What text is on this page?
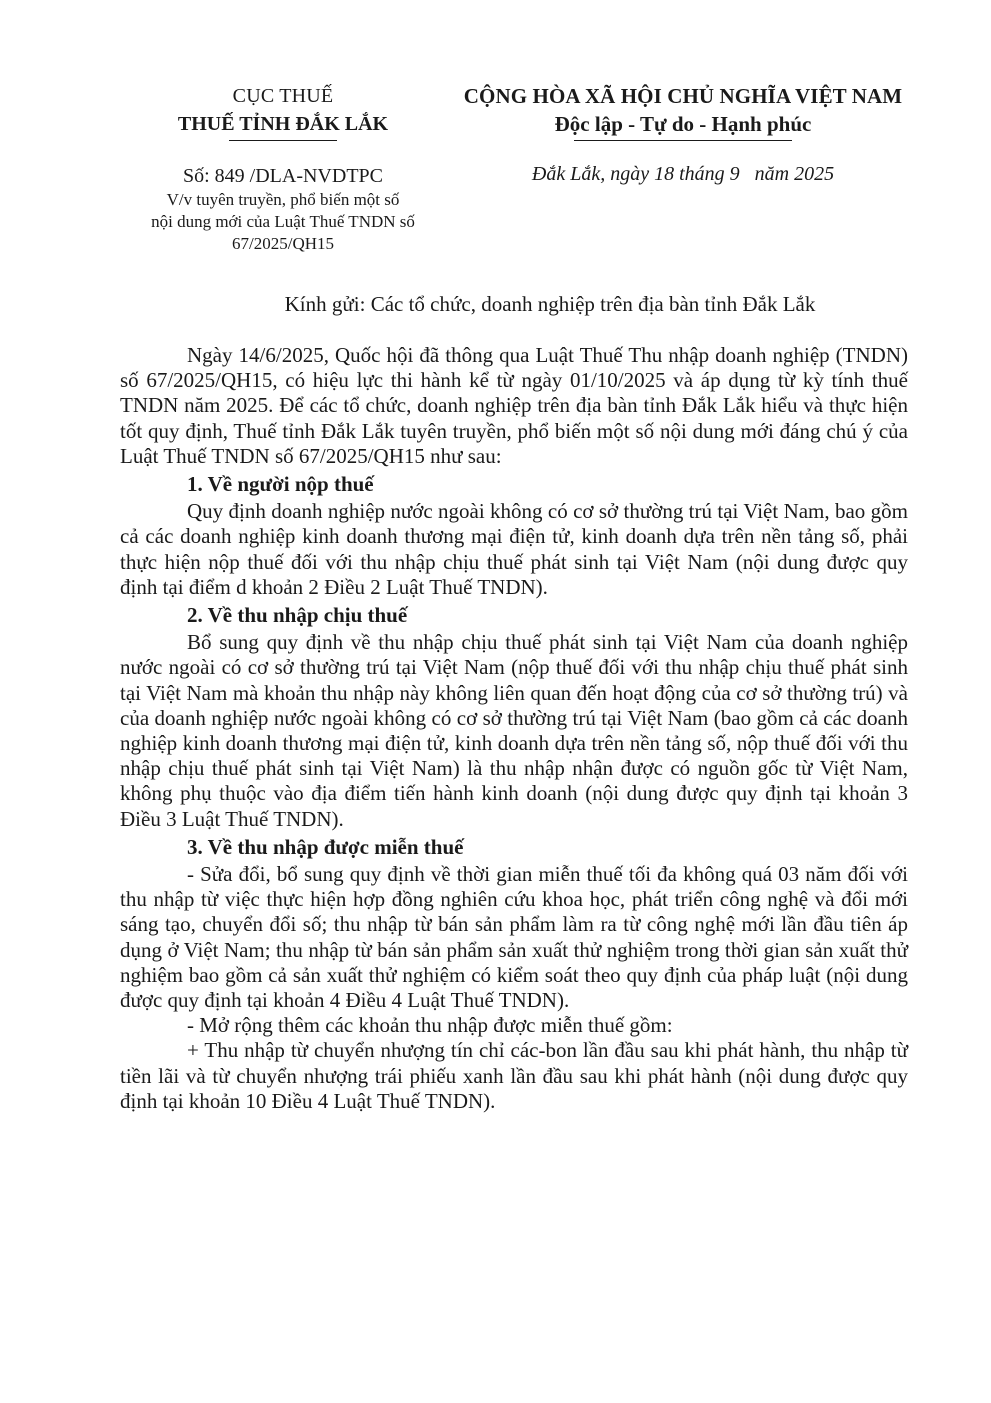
CỤC THUẾ
THUẾ TỈNH ĐẮK LẮK
Số: 849 /DLA-NVDTPC
V/v tuyên truyền, phổ biến một số
nội dung mới của Luật Thuế TNDN số
67/2025/QH15
CỘNG HÒA XÃ HỘI CHỦ NGHĨA VIỆT NAM
Độc lập - Tự do - Hạnh phúc
Đắk Lắk, ngày 18 tháng 9   năm 2025
Kính gửi: Các tổ chức, doanh nghiệp trên địa bàn tỉnh Đắk Lắk

Ngày 14/6/2025, Quốc hội đã thông qua Luật Thuế Thu nhập doanh nghiệp (TNDN) số 67/2025/QH15, có hiệu lực thi hành kể từ ngày 01/10/2025 và áp dụng từ kỳ tính thuế TNDN năm 2025. Để các tổ chức, doanh nghiệp trên địa bàn tỉnh Đắk Lắk hiểu và thực hiện tốt quy định, Thuế tỉnh Đắk Lắk tuyên truyền, phổ biến một số nội dung mới đáng chú ý của Luật Thuế TNDN số 67/2025/QH15 như sau:

1. Về người nộp thuế

Quy định doanh nghiệp nước ngoài không có cơ sở thường trú tại Việt Nam, bao gồm cả các doanh nghiệp kinh doanh thương mại điện tử, kinh doanh dựa trên nền tảng số, phải thực hiện nộp thuế đối với thu nhập chịu thuế phát sinh tại Việt Nam (nội dung được quy định tại điểm d khoản 2 Điều 2 Luật Thuế TNDN).

2. Về thu nhập chịu thuế

Bổ sung quy định về thu nhập chịu thuế phát sinh tại Việt Nam của doanh nghiệp nước ngoài có cơ sở thường trú tại Việt Nam (nộp thuế đối với thu nhập chịu thuế phát sinh tại Việt Nam mà khoản thu nhập này không liên quan đến hoạt động của cơ sở thường trú) và của doanh nghiệp nước ngoài không có cơ sở thường trú tại Việt Nam (bao gồm cả các doanh nghiệp kinh doanh thương mại điện tử, kinh doanh dựa trên nền tảng số, nộp thuế đối với thu nhập chịu thuế phát sinh tại Việt Nam) là thu nhập nhận được có nguồn gốc từ Việt Nam, không phụ thuộc vào địa điểm tiến hành kinh doanh (nội dung được quy định tại khoản 3 Điều 3 Luật Thuế TNDN).

3. Về thu nhập được miễn thuế

- Sửa đổi, bổ sung quy định về thời gian miễn thuế tối đa không quá 03 năm đối với thu nhập từ việc thực hiện hợp đồng nghiên cứu khoa học, phát triển công nghệ và đổi mới sáng tạo, chuyển đổi số; thu nhập từ bán sản phẩm làm ra từ công nghệ mới lần đầu tiên áp dụng ở Việt Nam; thu nhập từ bán sản phẩm sản xuất thử nghiệm trong thời gian sản xuất thử nghiệm bao gồm cả sản xuất thử nghiệm có kiểm soát theo quy định của pháp luật (nội dung được quy định tại khoản 4 Điều 4 Luật Thuế TNDN).

- Mở rộng thêm các khoản thu nhập được miễn thuế gồm:

+ Thu nhập từ chuyển nhượng tín chỉ các-bon lần đầu sau khi phát hành, thu nhập từ tiền lãi và từ chuyển nhượng trái phiếu xanh lần đầu sau khi phát hành (nội dung được quy định tại khoản 10 Điều 4 Luật Thuế TNDN).
